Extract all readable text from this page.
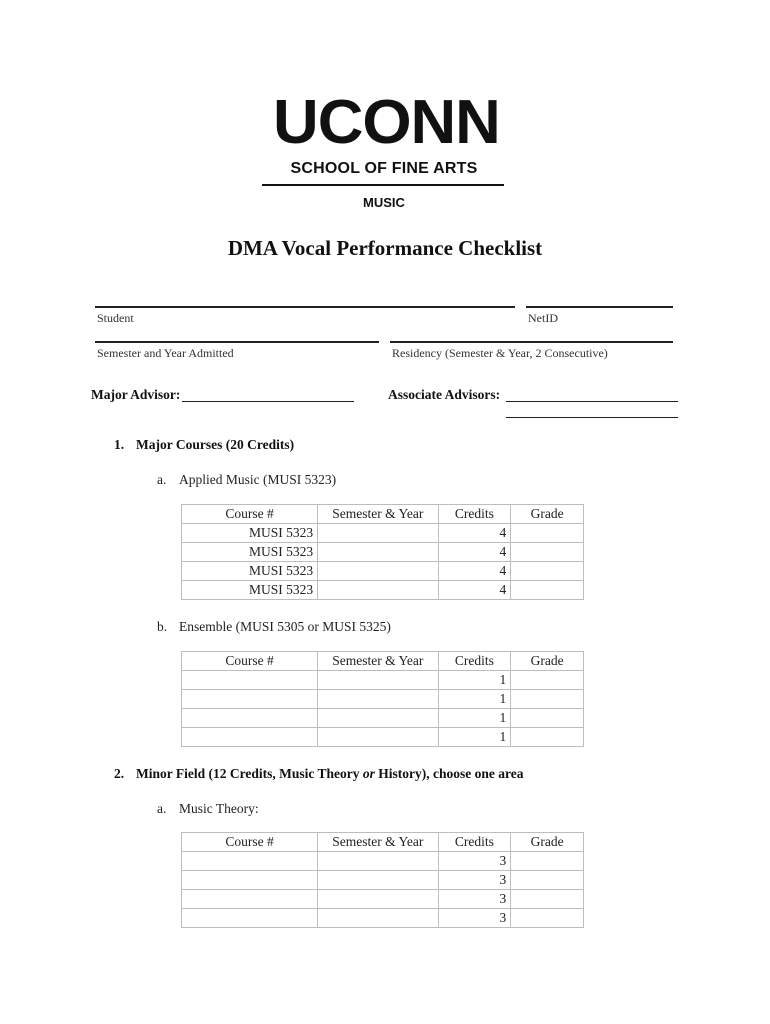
UCONN
SCHOOL OF FINE ARTS
MUSIC
DMA Vocal Performance Checklist
Student	NetID
Semester and Year Admitted	Residency (Semester & Year, 2 Consecutive)
Major Advisor:	Associate Advisors:
1. Major Courses (20 Credits)
a. Applied Music (MUSI 5323)
Course #	Semester & Year	Credits	Grade
MUSI 5323		4	
MUSI 5323		4	
MUSI 5323		4	
MUSI 5323		4	
b. Ensemble (MUSI 5305 or MUSI 5325)
Course #	Semester & Year	Credits	Grade
		1	
		1	
		1	
		1	
2. Minor Field (12 Credits, Music Theory or History), choose one area
a. Music Theory:
Course #	Semester & Year	Credits	Grade
		3	
		3	
		3	
		3	
